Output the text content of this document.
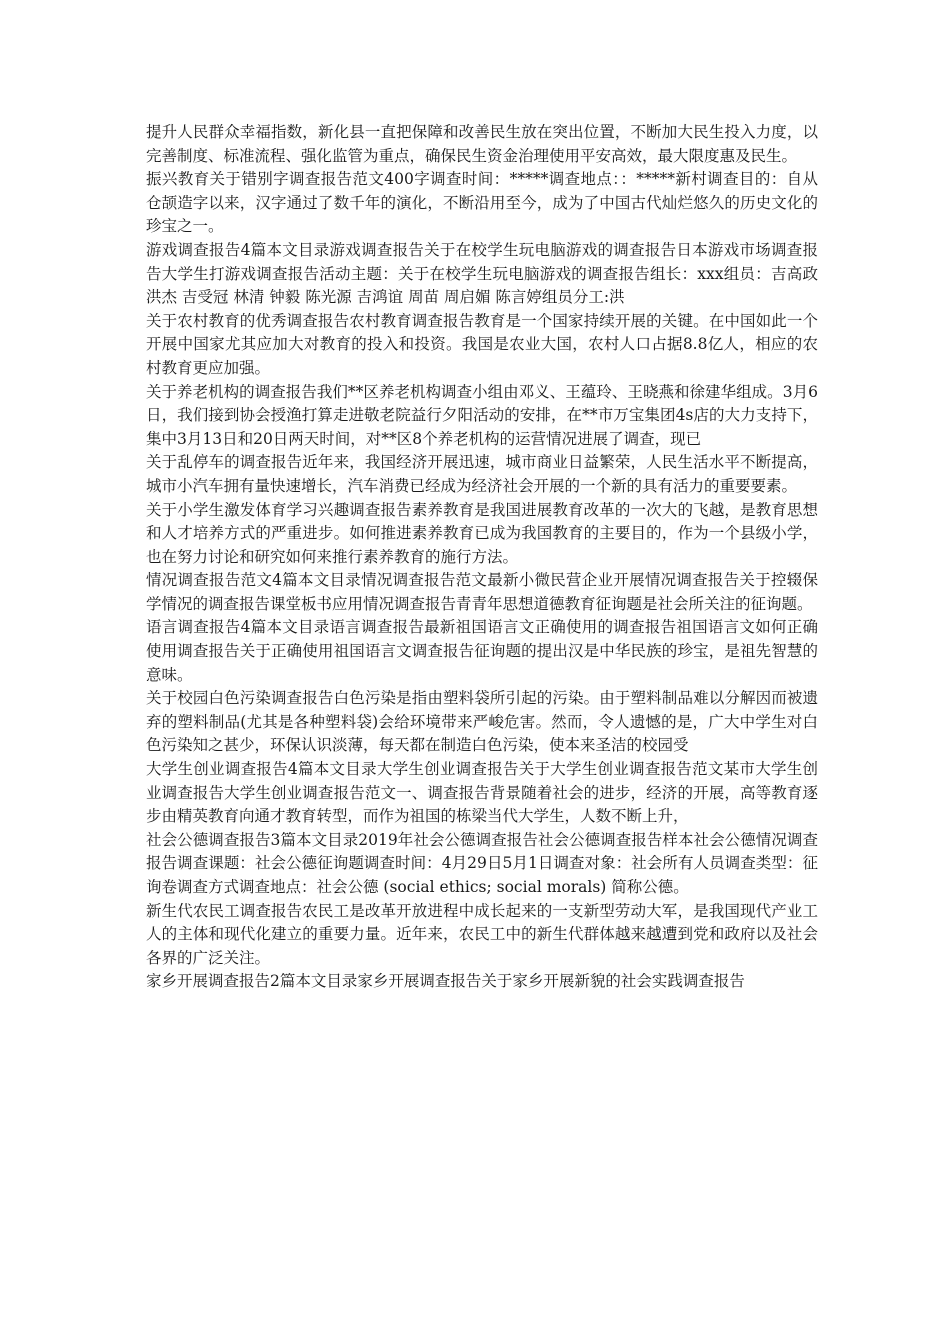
提升人民群众幸福指数，新化县一直把保障和改善民生放在突出位置，不断加大民生投入力度，以完善制度、标准流程、强化监管为重点，确保民生资金治理使用平安高效，最大限度惠及民生。

振兴教育关于错别字调查报告范文400字调查时间：*****调查地点：：*****新村调查目的：自从仓颉造字以来，汉字通过了数千年的演化，不断沿用至今，成为了中国古代灿烂悠久的历史文化的珍宝之一。

游戏调查报告4篇本文目录游戏调查报告关于在校学生玩电脑游戏的调查报告日本游戏市场调查报告大学生打游戏调查报告活动主题：关于在校学生玩电脑游戏的调查报告组长：xxx组员：吉高政 洪杰 吉受冠 林清 钟毅 陈光源 吉鸿谊 周苗 周启媚 陈言婷组员分工:洪

关于农村教育的优秀调查报告农村教育调查报告教育是一个国家持续开展的关键。在中国如此一个开展中国家尤其应加大对教育的投入和投资。我国是农业大国，农村人口占据8.8亿人，相应的农村教育更应加强。

关于养老机构的调查报告我们**区养老机构调查小组由邓义、王蕴玲、王晓燕和徐建华组成。3月6日，我们接到协会授渔打算走进敬老院益行夕阳活动的安排，在**市万宝集团4s店的大力支持下，集中3月13日和20日两天时间，对**区8个养老机构的运营情况进展了调查，现已

关于乱停车的调查报告近年来，我国经济开展迅速，城市商业日益繁荣，人民生活水平不断提高，城市小汽车拥有量快速增长，汽车消费已经成为经济社会开展的一个新的具有活力的重要要素。

关于小学生激发体育学习兴趣调查报告素养教育是我国进展教育改革的一次大的飞越，是教育思想和人才培养方式的严重进步。如何推进素养教育已成为我国教育的主要目的，作为一个县级小学，也在努力讨论和研究如何来推行素养教育的施行方法。

情况调查报告范文4篇本文目录情况调查报告范文最新小微民营企业开展情况调查报告关于控辍保学情况的调查报告课堂板书应用情况调查报告青青年思想道德教育征询题是社会所关注的征询题。

语言调查报告4篇本文目录语言调查报告最新祖国语言文正确使用的调查报告祖国语言文如何正确使用调查报告关于正确使用祖国语言文调查报告征询题的提出汉是中华民族的珍宝，是祖先智慧的意味。

关于校园白色污染调查报告白色污染是指由塑料袋所引起的污染。由于塑料制品难以分解因而被遗弃的塑料制品(尤其是各种塑料袋)会给环境带来严峻危害。然而，令人遗憾的是，广大中学生对白色污染知之甚少，环保认识淡薄，每天都在制造白色污染，使本来圣洁的校园受

大学生创业调查报告4篇本文目录大学生创业调查报告关于大学生创业调查报告范文某市大学生创业调查报告大学生创业调查报告范文一、调查报告背景随着社会的进步，经济的开展，高等教育逐步由精英教育向通才教育转型，而作为祖国的栋梁当代大学生，人数不断上升，

社会公德调查报告3篇本文目录2019年社会公德调查报告社会公德调查报告样本社会公德情况调查报告调查课题：社会公德征询题调查时间：4月29日5月1日调查对象：社会所有人员调查类型：征询卷调查方式调查地点：社会公德 (social ethics; social morals) 简称公德。

新生代农民工调查报告农民工是改革开放进程中成长起来的一支新型劳动大军，是我国现代产业工人的主体和现代化建立的重要力量。近年来，农民工中的新生代群体越来越遭到党和政府以及社会各界的广泛关注。

家乡开展调查报告2篇本文目录家乡开展调查报告关于家乡开展新貌的社会实践调查报告
